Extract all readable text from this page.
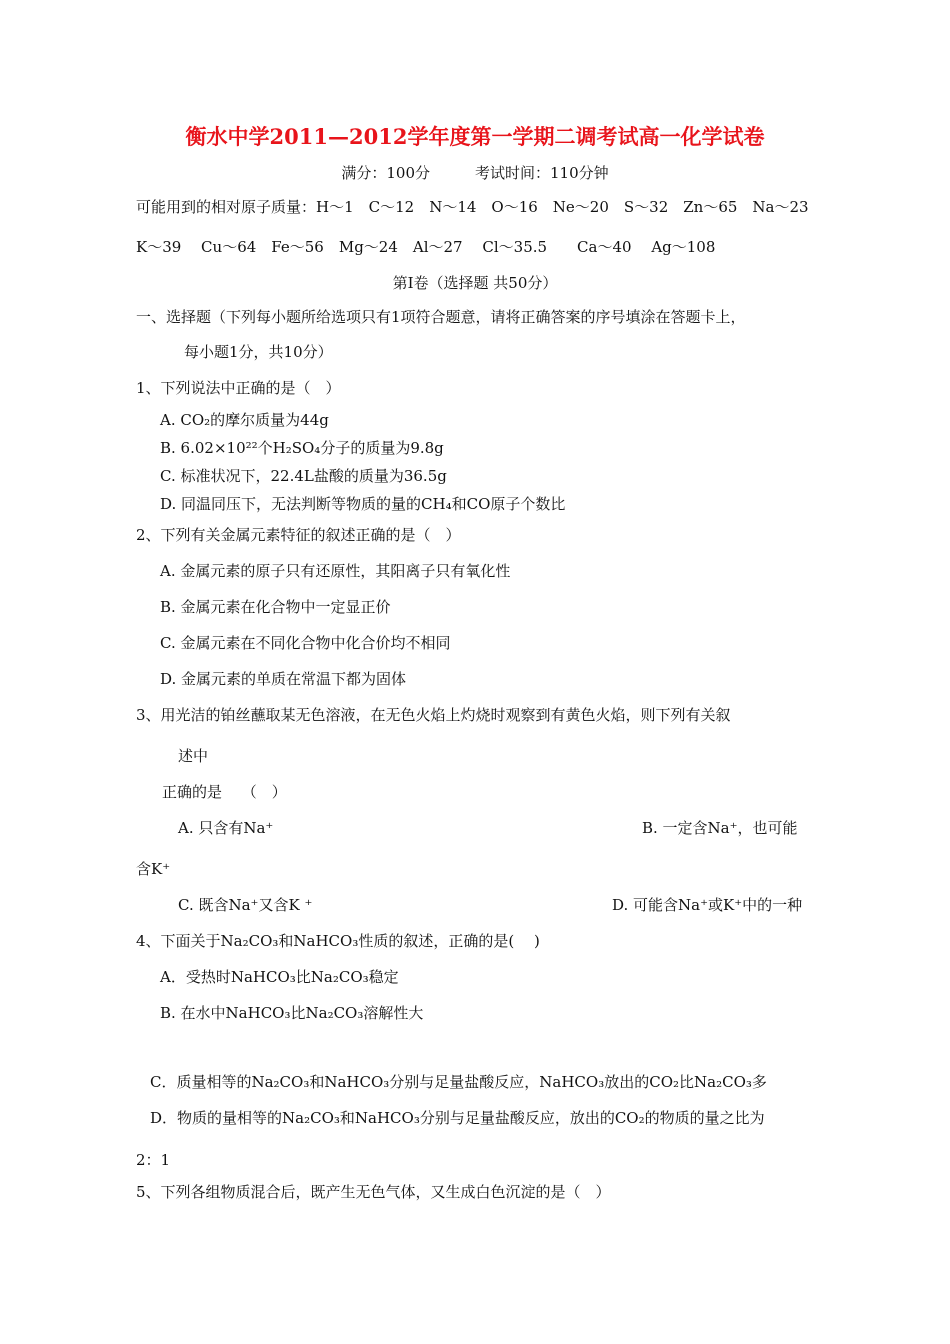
衡水中学2011—2012学年度第一学期二调考试高一化学试卷
满分：100分　　　考试时间：110分钟
可能用到的相对原子质量：H～1　C～12　N～14　O～16　Ne～20　S～32　Zn～65　Na～23
K～39　 Cu～64　Fe～56　Mg～24　Al～27　 Cl～35.5　　Ca～40　 Ag～108
第Ⅰ卷（选择题 共50分）
一、选择题（下列每小题所给选项只有1项符合题意，请将正确答案的序号填涂在答题卡上，
每小题1分，共10分）
1、下列说法中正确的是（　）
A. CO₂的摩尔质量为44g
B. 6.02×10²²个H₂SO₄分子的质量为9.8g
C. 标准状况下，22.4L盐酸的质量为36.5g
D. 同温同压下，无法判断等物质的量的CH₄和CO原子个数比
2、下列有关金属元素特征的叙述正确的是（　）
A. 金属元素的原子只有还原性，其阳离子只有氧化性
B. 金属元素在化合物中一定显正价
C. 金属元素在不同化合物中化合价均不相同
D. 金属元素的单质在常温下都为固体
3、用光洁的铂丝蘸取某无色溶液，在无色火焰上灼烧时观察到有黄色火焰，则下列有关叙
述中
正确的是　 （　）
A. 只含有Na⁺	B. 一定含Na⁺，也可能
含K⁺
C. 既含Na⁺又含K ⁺	D. 可能含Na⁺或K⁺中的一种
4、下面关于Na₂CO₃和NaHCO₃性质的叙述，正确的是(　 )
A．受热时NaHCO₃比Na₂CO₃稳定
B. 在水中NaHCO₃比Na₂CO₃溶解性大
C．质量相等的Na₂CO₃和NaHCO₃分别与足量盐酸反应，NaHCO₃放出的CO₂比Na₂CO₃多
D．物质的量相等的Na₂CO₃和NaHCO₃分别与足量盐酸反应，放出的CO₂的物质的量之比为
2：1
5、下列各组物质混合后，既产生无色气体，又生成白色沉淀的是（　）
